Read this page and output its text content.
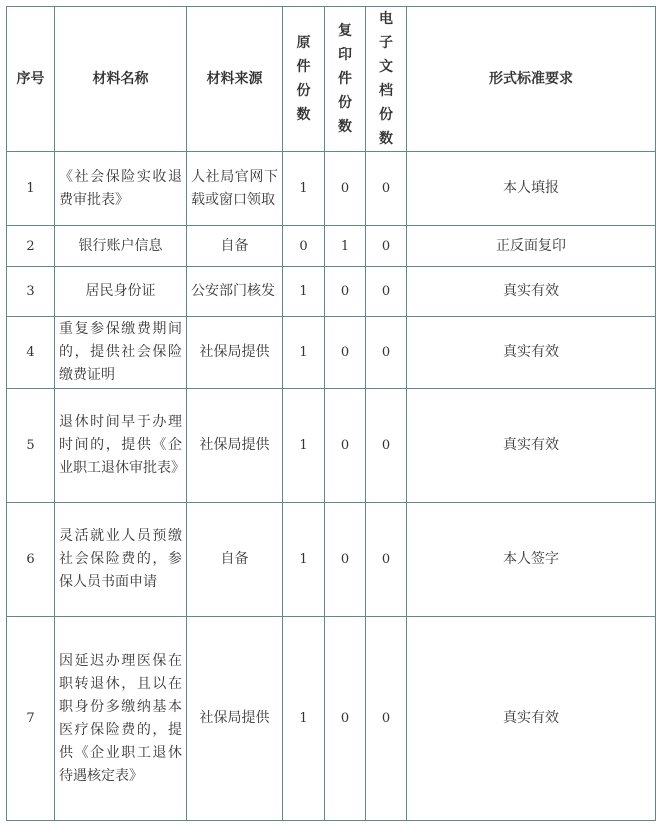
序号	材料名称	材料来源	原件份数	复印件份数	电子文档份数	形式标准要求
1	《社会保险实收退费审批表》	人社局官网下载或窗口领取	1	0	0	本人填报
2	银行账户信息	自备	0	1	0	正反面复印
3	居民身份证	公安部门核发	1	0	0	真实有效
4	重复参保缴费期间的，提供社会保险缴费证明	社保局提供	1	0	0	真实有效
5	退休时间早于办理时间的，提供《企业职工退休审批表》	社保局提供	1	0	0	真实有效
6	灵活就业人员预缴社会保险费的，参保人员书面申请	自备	1	0	0	本人签字
7	因延迟办理医保在职转退休，且以在职身份多缴纳基本医疗保险费的，提供《企业职工退休待遇核定表》	社保局提供	1	0	0	真实有效
